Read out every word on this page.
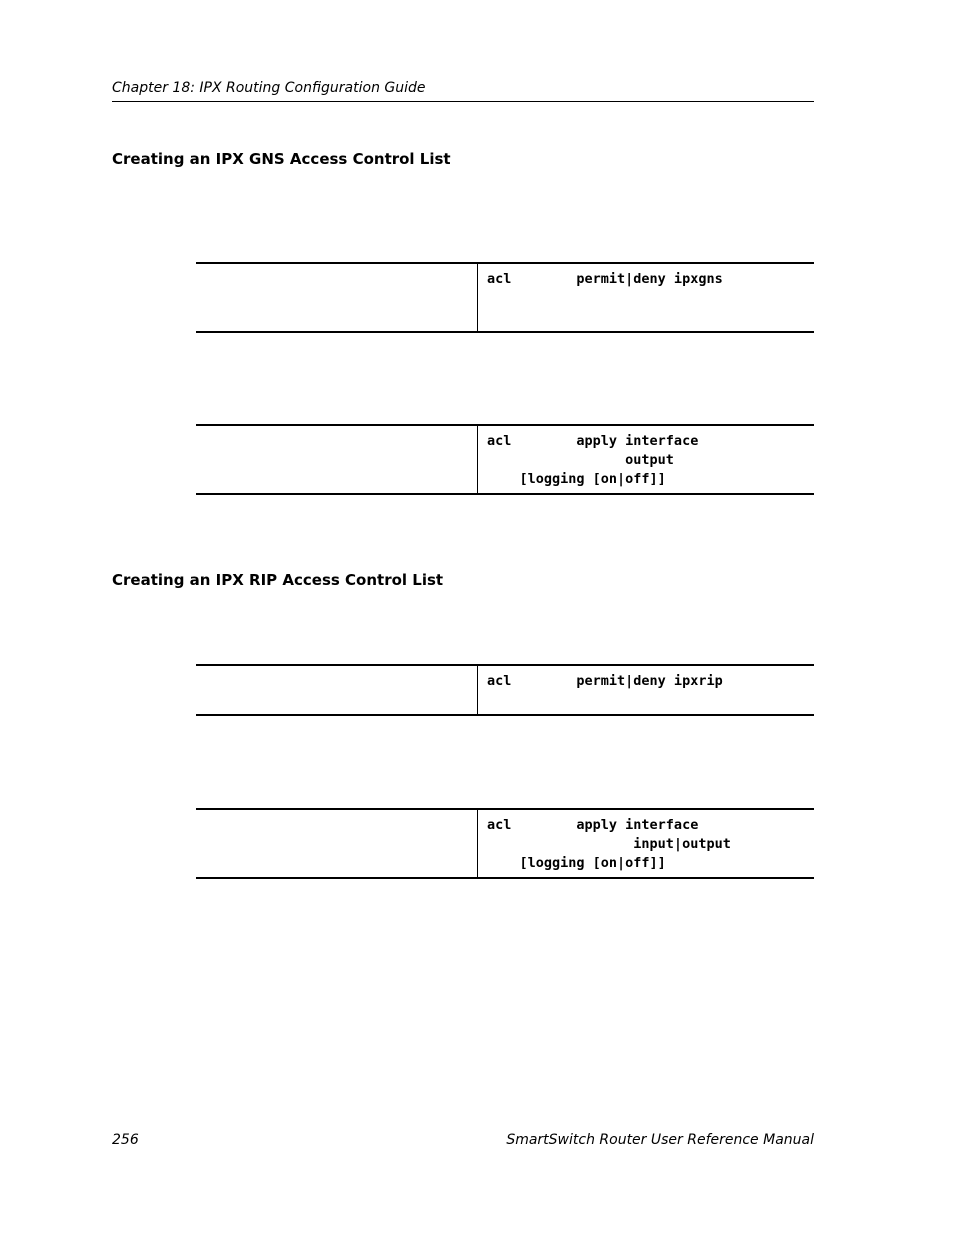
Chapter 18: IPX Routing Configuration Guide
Creating an IPX GNS Access Control List
acl        permit|deny ipxgns
acl        apply interface
output
[logging [on|off]]
Creating an IPX RIP Access Control List
acl        permit|deny ipxrip
acl        apply interface
input|output
[logging [on|off]]
256	SmartSwitch Router User Reference Manual
